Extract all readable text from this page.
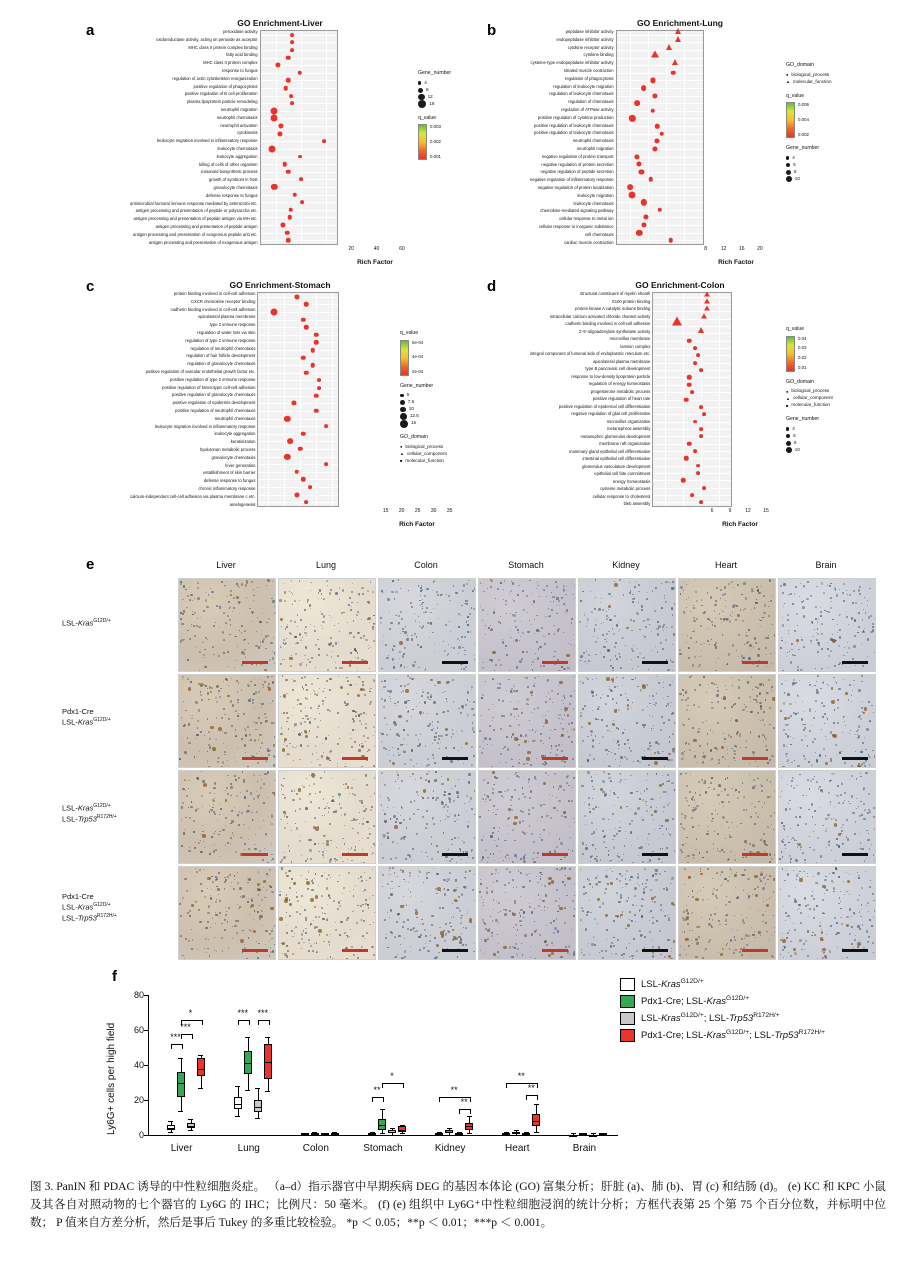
a	GO Enrichment-Liver
peroxidase activity
oxidoreductase activity, acting on peroxide as acceptor
MHC class II protein complex binding
fatty acid binding
MHC class II protein complex
response to fungus
regulation of actin cytoskeleton reorganization
positive regulation of phagocytosis
positive regulation of B cell proliferation
plasma lipoprotein particle remodeling
neutrophil migration
neutrophil chemotaxis
neutrophil activation
cytokinesis
leukocyte migration involved in inflammatory response
leukocyte chemotaxis
leukocyte aggregation
killing of cells of other organism
icosanoid biosynthetic process
growth of symbiont in host
granulocyte chemotaxis
defense response to fungus
antimicrobial humoral immune response mediated by antimicrobi etc.
antigen processing and presentation of peptide or polysaccha etc.
antigen processing and presentation of peptide antigen via MH etc.
antigen processing and presentation of peptide antigen
antigen processing and presentation of exogenous peptide anti etc.
antigen processing and presentation of exogenous antigen
20	40	60
Rich Factor
Gene_number
4
8
12
16
q_value
0.003
0.002
0.001
b	GO Enrichment-Lung
peptidase inhibitor activity
endopeptidase inhibitor activity
cytokine receptor activity
cytokine binding
cysteine-type endopeptidase inhibitor activity
striated muscle contraction
regulation of phagocytosis
regulation of leukocyte migration
regulation of leukocyte chemotaxis
regulation of chemotaxis
regulation of ATPase activity
positive regulation of cytokine production
positive regulation of leukocyte chemotaxis
positive regulation of leukocyte chemotaxis
neutrophil chemotaxis
neutrophil migration
negative regulation of protein transport
negative regulation of protein secretion
negative regulation of peptide secretion
negative regulation of inflammatory response
negative regulation of protein localization
leukocyte migration
leukocyte chemotaxis
chemokine-mediated signaling pathway
cellular response to metal ion
cellular response to inorganic substance
cell chemotaxis
cardiac muscle contraction
8	12	16	20
Rich Factor
GO_domain
● biological_process
▲ molecular_function
q_value
0.006
0.004
0.002
Gene_number
4
6
8
10
c	GO Enrichment-Stomach
protein binding involved in cell-cell adhesion
CXCR chemokine receptor binding
cadherin binding involved in cell-cell adhesion
apicolateral plasma membrane
type 2 immune response
regulation of water loss via skin
regulation of type 2 immune response
regulation of neutrophil chemotaxis
regulation of hair follicle development
regulation of granulocyte chemotaxis
positive regulation of vascular endothelial growth factor etc.
positive regulation of type 2 immune response
positive regulation of heterotypic cell-cell adhesion
positive regulation of granulocyte chemotaxis
positive regulation of epidermis development
positive regulation of neutrophil chemotaxis
neutrophil chemotaxis
leukocyte migration involved in inflammatory response
leukocyte aggregation
keratinization
hyaluronan metabolic process
granulocyte chemotaxis
fever generation
establishment of skin barrier
defense response to fungus
chronic inflammatory response
calcium-independent cell-cell adhesion via plasma membrane c etc.
amelogenesis
15 20 25 30 35
Rich Factor
q_value
6e-04
4e-04
2e-04
Gene_number
5
7.5
10
12.5
15
GO_domain
● biological_process
▲ cellular_component
■ molecular_function
d	GO Enrichment-Colon
structural constituent of myelin sheath
S100 protein binding
protein kinase A catalytic subunit binding
intracellular calcium activated chloride channel activity
cadherin binding involved in cell-cell adhesion
2'-5'-oligoadenylate synthetase activity
microvillus membrane
laminin complex
integral component of lumenal side of endoplasmic reticulum etc.
apicolateral plasma membrane
type B pancreatic cell development
response to low-density lipoprotein particle
regulation of energy homeostasis
progesterone metabolic process
positive regulation of heart rate
positive regulation of epidermal cell differentiation
negative regulation of glial cell proliferation
microvillus organization
metanephros assembly
metanephric glomerulus development
membrane raft organization
mammary gland epithelial cell differentiation
intestinal epithelial cell differentiation
glomerulus vasculature development
epithelial cell fate commitment
energy homeostasis
cysteine metabolic process
cellular response to cholesterol
bleb assembly
6	9	12 15
Rich Factor
q_value
0.04
0.03
0.02
0.01
GO_domain
● biological_process
▲ cellular_component
■ molecular_function
Gene_number
4
6
8
10
e	Liver	Lung	Colon	Stomach	Kidney	Heart	Brain
LSL-Kras$^{G12D/+}$
Pdx1-Cre
LSL-Kras$^{G12D/+}$
LSL-Kras$^{G12D/+}$
LSL-$Trp53^{R172H/+}$
Pdx1-Cre
LSL-Kras$^{G12D/+}$
LSL-$Trp53^{R172H/+}$
f
0
20
40
60
80
Ly6G+ cells per high field
Liver	Lung	Colon	Stomach	Kidney	Heart	Brain
***
***
*	*** ***
**
*
**
**
**
**
LSL-Kras$^{G12D/+}$
Pdx1-Cre; LSL-Kras$^{G12D/+}$
LSL-Kras$^{G12D/+}$; LSL-$Trp53^{R172H/+}$
Pdx1-Cre; LSL-Kras$^{G12D/+}$; LSL-$Trp53^{R172H/+}$
图 3. PanIN 和 PDAC 诱导的中性粒细胞炎症。 （a–d）指示器官中早期疾病 DEG 的基因本体论 (GO) 富集分析；肝脏 (a)、肺 (b)、胃 (c) 和结肠 (d)。 (e) KC 和 KPC 小鼠及其各自对照动物的七个器官的 Ly6G 的 IHC；比例尺：50 毫米。 (f) (e) 组织中 Ly6G⁺中性粒细胞浸润的统计分析；方框代表第 25 个第 75 个百分位数，并标明中位数； P 值来自方差分析，然后是事后 Tukey 的多重比较检验。 *p ＜ 0.05；**p ＜ 0.01；***p ＜ 0.001。
